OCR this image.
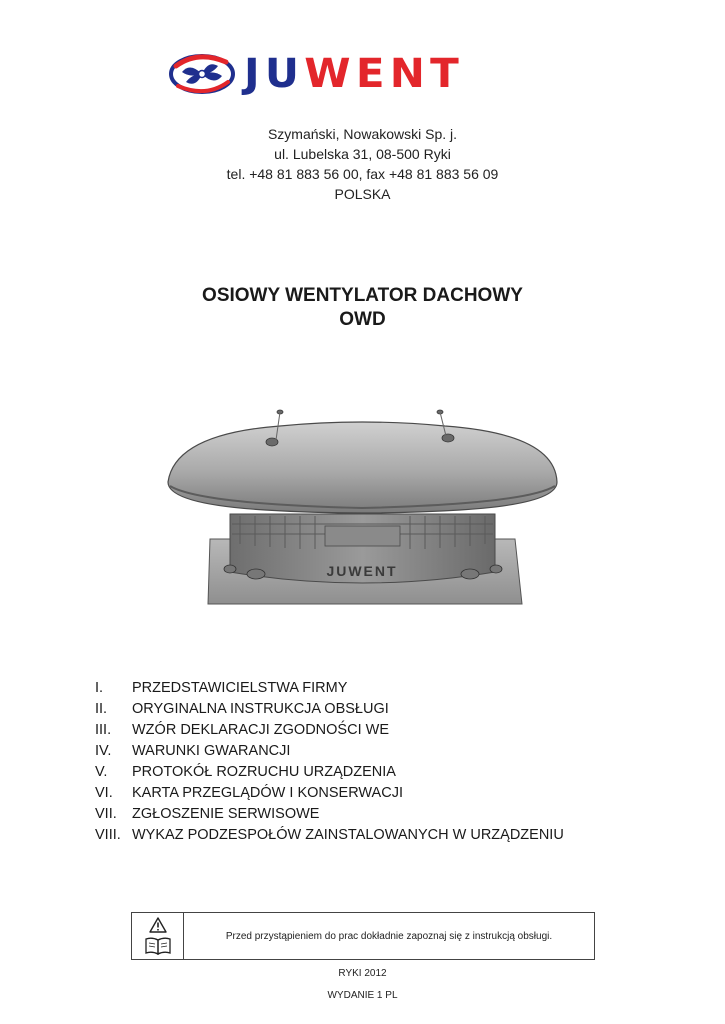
JUWENT
Szymański, Nowakowski Sp. j.
ul. Lubelska 31, 08-500 Ryki
tel. +48 81 883 56 00, fax +48 81 883 56 09
POLSKA
OSIOWY WENTYLATOR DACHOWY
OWD
JUWENT
I.	PRZEDSTAWICIELSTWA FIRMY
II.	ORYGINALNA INSTRUKCJA OBSŁUGI
III.	WZÓR DEKLARACJI ZGODNOŚCI WE
IV.	WARUNKI GWARANCJI
V.	PROTOKÓŁ ROZRUCHU URZĄDZENIA
VI.	KARTA PRZEGLĄDÓW I KONSERWACJI
VII.	ZGŁOSZENIE SERWISOWE
VIII. WYKAZ PODZESPOŁÓW ZAINSTALOWANYCH W URZĄDZENIU
Przed przystąpieniem do prac dokładnie zapoznaj się z instrukcją obsługi.
RYKI 2012
WYDANIE 1 PL
